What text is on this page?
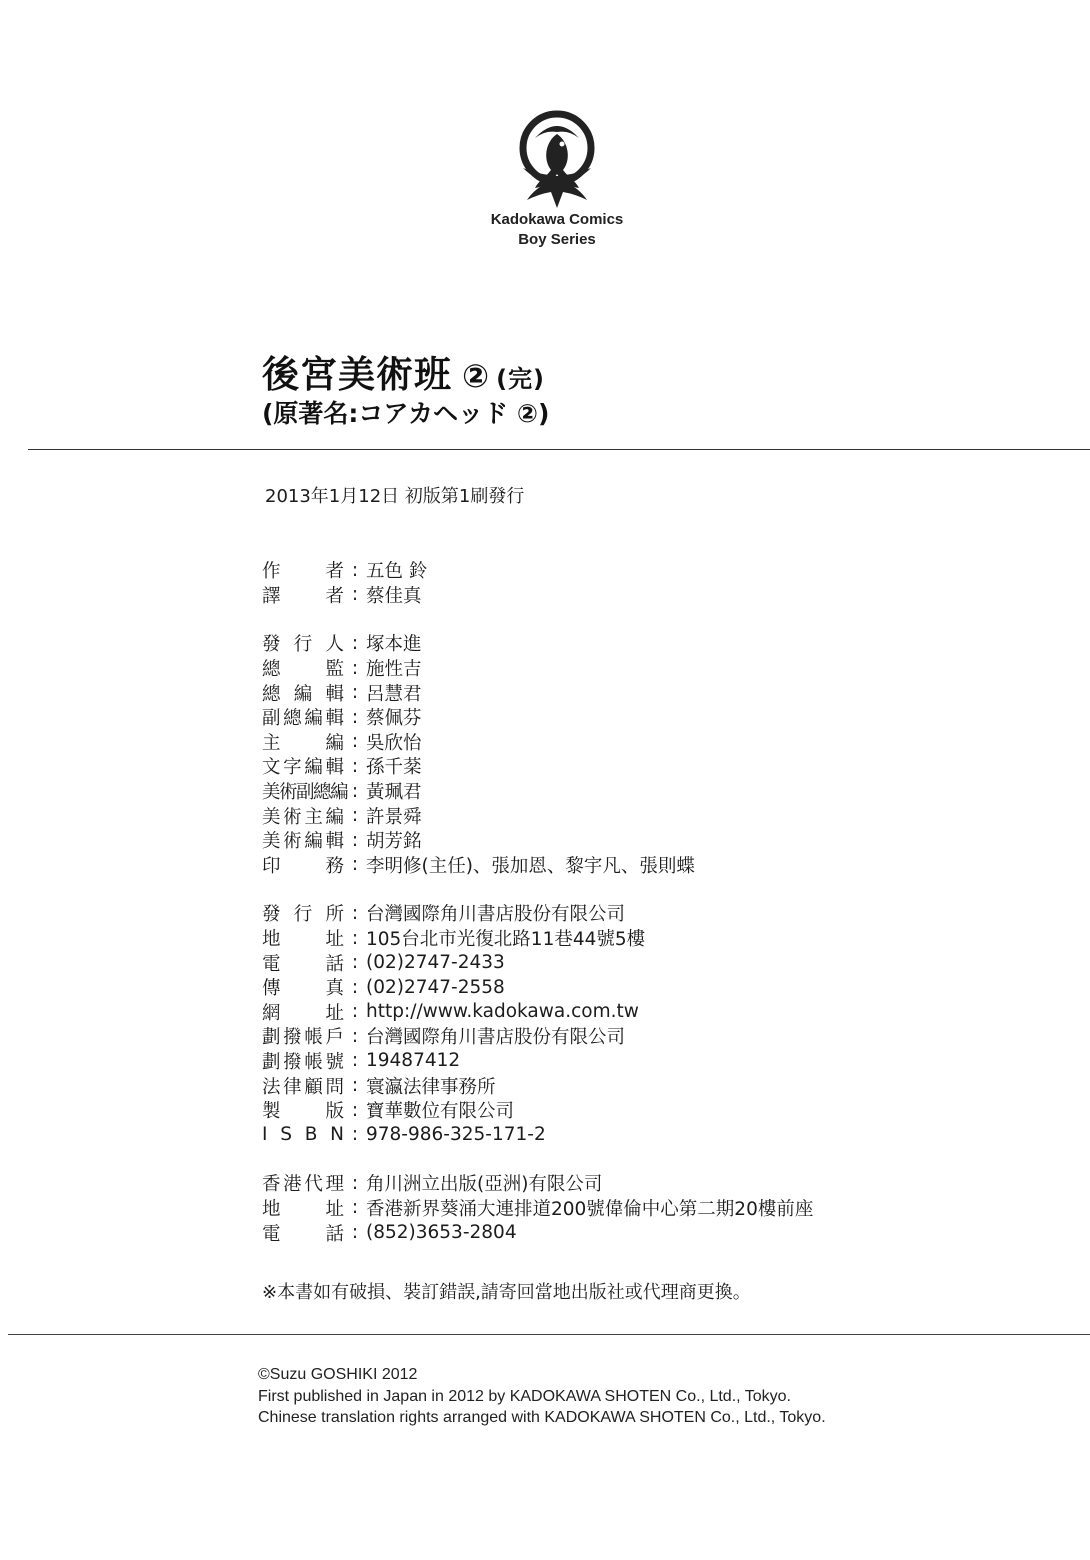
Kadokawa Comics
Boy Series
後宮美術班 ② (完)
(原著名:コアカヘッド ②)
2013年1月12日 初版第1刷發行
作 者 : 五色 鈴
譯 者 : 蔡佳真
發 行 人 : 塚本進
總 監 : 施性吉
總 編 輯 : 呂慧君
副 總 編 輯 : 蔡佩芬
主 編 : 吳欣怡
文 字 編 輯 : 孫千棻
美 術 副 總 編 : 黃珮君
美 術 主 編 : 許景舜
美 術 編 輯 : 胡芳銘
印 務 : 李明修(主任)、張加恩、黎宇凡、張則蝶
發 行 所 : 台灣國際角川書店股份有限公司
地 址 : 105台北市光復北路11巷44號5樓
電 話 : (02)2747-2433
傳 真 : (02)2747-2558
網 址 : http://www.kadokawa.com.tw
劃 撥 帳 戶 : 台灣國際角川書店股份有限公司
劃 撥 帳 號 : 19487412
法 律 顧 問 : 寰瀛法律事務所
製 版 : 寶華數位有限公司
I S B N : 978-986-325-171-2
香 港 代 理 : 角川洲立出版(亞洲)有限公司
地 址 : 香港新界葵涌大連排道200號偉倫中心第二期20樓前座
電 話 : (852)3653-2804
※本書如有破損、裝訂錯誤,請寄回當地出版社或代理商更換。
©Suzu GOSHIKI 2012
First published in Japan in 2012 by KADOKAWA SHOTEN Co., Ltd., Tokyo.
Chinese translation rights arranged with KADOKAWA SHOTEN Co., Ltd., Tokyo.
